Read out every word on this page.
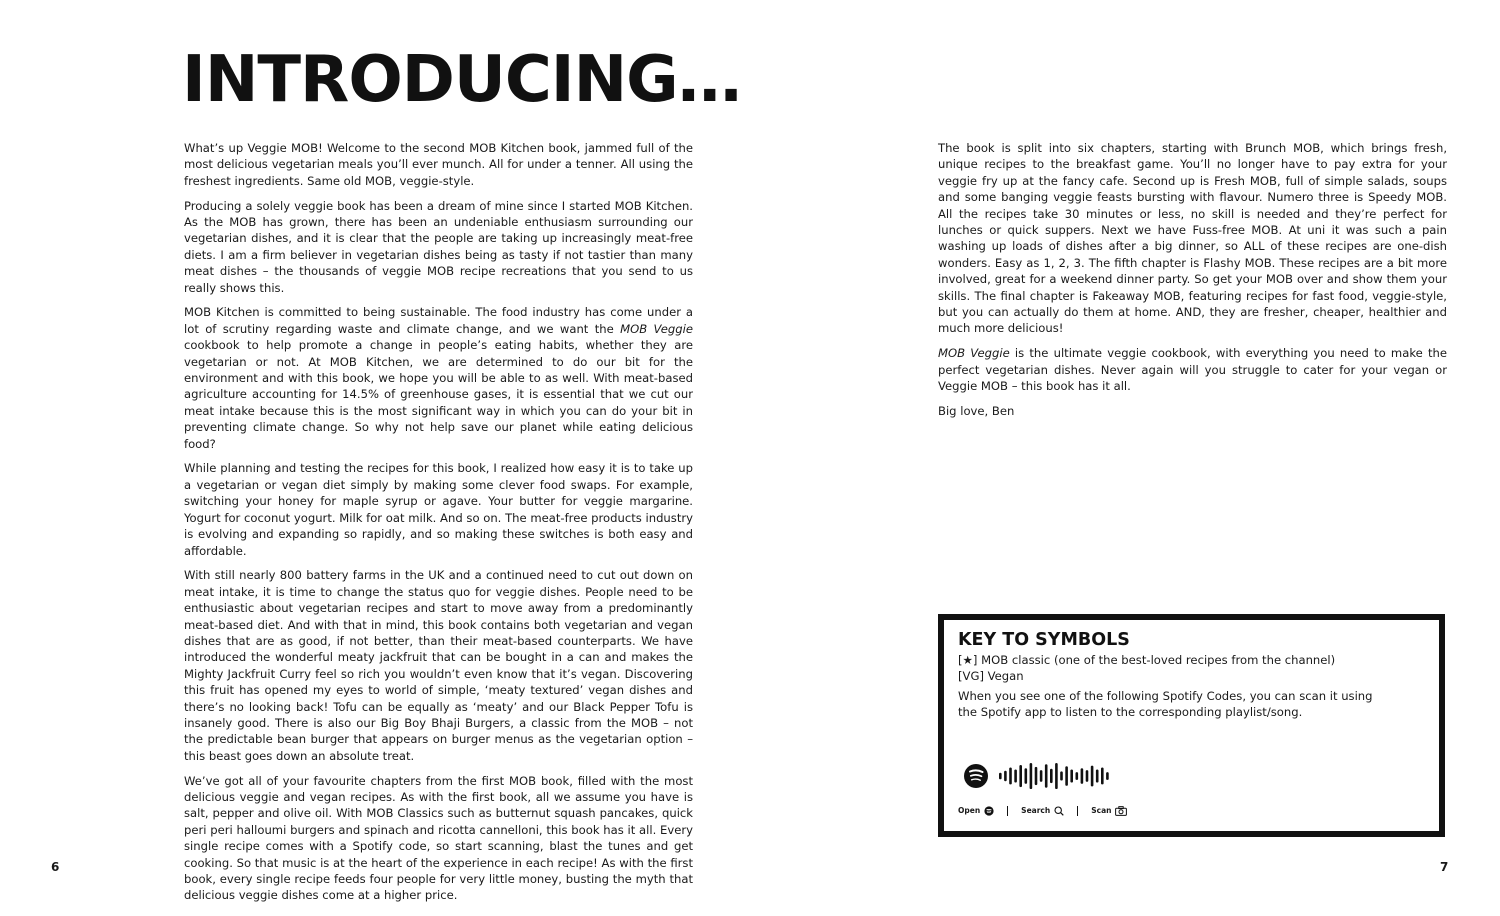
INTRODUCING…

What’s up Veggie MOB! Welcome to the second MOB Kitchen book, jammed full of the most delicious vegetarian meals you’ll ever munch. All for under a tenner. All using the freshest ingredients. Same old MOB, veggie-style.

Producing a solely veggie book has been a dream of mine since I started MOB Kitchen. As the MOB has grown, there has been an undeniable enthusiasm surrounding our vegetarian dishes, and it is clear that the people are taking up increasingly meat-free diets. I am a firm believer in vegetarian dishes being as tasty if not tastier than many meat dishes – the thousands of veggie MOB recipe recreations that you send to us really shows this.

MOB Kitchen is committed to being sustainable. The food industry has come under a lot of scrutiny regarding waste and climate change, and we want the MOB Veggie cookbook to help promote a change in people’s eating habits, whether they are vegetarian or not. At MOB Kitchen, we are determined to do our bit for the environment and with this book, we hope you will be able to as well. With meat-based agriculture accounting for 14.5% of greenhouse gases, it is essential that we cut our meat intake because this is the most significant way in which you can do your bit in preventing climate change. So why not help save our planet while eating delicious food?

While planning and testing the recipes for this book, I realized how easy it is to take up a vegetarian or vegan diet simply by making some clever food swaps. For example, switching your honey for maple syrup or agave. Your butter for veggie margarine. Yogurt for coconut yogurt. Milk for oat milk. And so on. The meat-free products industry is evolving and expanding so rapidly, and so making these switches is both easy and affordable.

With still nearly 800 battery farms in the UK and a continued need to cut out down on meat intake, it is time to change the status quo for veggie dishes. People need to be enthusiastic about vegetarian recipes and start to move away from a predominantly meat-based diet. And with that in mind, this book contains both vegetarian and vegan dishes that are as good, if not better, than their meat-based counterparts. We have introduced the wonderful meaty jackfruit that can be bought in a can and makes the Mighty Jackfruit Curry feel so rich you wouldn’t even know that it’s vegan. Discovering this fruit has opened my eyes to world of simple, ‘meaty textured’ vegan dishes and there’s no looking back! Tofu can be equally as ‘meaty’ and our Black Pepper Tofu is insanely good. There is also our Big Boy Bhaji Burgers, a classic from the MOB – not the predictable bean burger that appears on burger menus as the vegetarian option – this beast goes down an absolute treat.

We’ve got all of your favourite chapters from the first MOB book, filled with the most delicious veggie and vegan recipes. As with the first book, all we assume you have is salt, pepper and olive oil. With MOB Classics such as butternut squash pancakes, quick peri peri halloumi burgers and spinach and ricotta cannelloni, this book has it all. Every single recipe comes with a Spotify code, so start scanning, blast the tunes and get cooking. So that music is at the heart of the experience in each recipe! As with the first book, every single recipe feeds four people for very little money, busting the myth that delicious veggie dishes come at a higher price.

The book is split into six chapters, starting with Brunch MOB, which brings fresh, unique recipes to the breakfast game. You’ll no longer have to pay extra for your veggie fry up at the fancy cafe. Second up is Fresh MOB, full of simple salads, soups and some banging veggie feasts bursting with flavour. Numero three is Speedy MOB. All the recipes take 30 minutes or less, no skill is needed and they’re perfect for lunches or quick suppers. Next we have Fuss-free MOB. At uni it was such a pain washing up loads of dishes after a big dinner, so ALL of these recipes are one-dish wonders. Easy as 1, 2, 3. The fifth chapter is Flashy MOB. These recipes are a bit more involved, great for a weekend dinner party. So get your MOB over and show them your skills. The final chapter is Fakeaway MOB, featuring recipes for fast food, veggie-style, but you can actually do them at home. AND, they are fresher, cheaper, healthier and much more delicious!

MOB Veggie is the ultimate veggie cookbook, with everything you need to make the perfect vegetarian dishes. Never again will you struggle to cater for your vegan or Veggie MOB – this book has it all.

Big love, Ben

KEY TO SYMBOLS
[★] MOB classic (one of the best-loved recipes from the channel)
[VG] Vegan

When you see one of the following Spotify Codes, you can scan it using the Spotify app to listen to the corresponding playlist/song.

Open	Search	Scan
6	7
